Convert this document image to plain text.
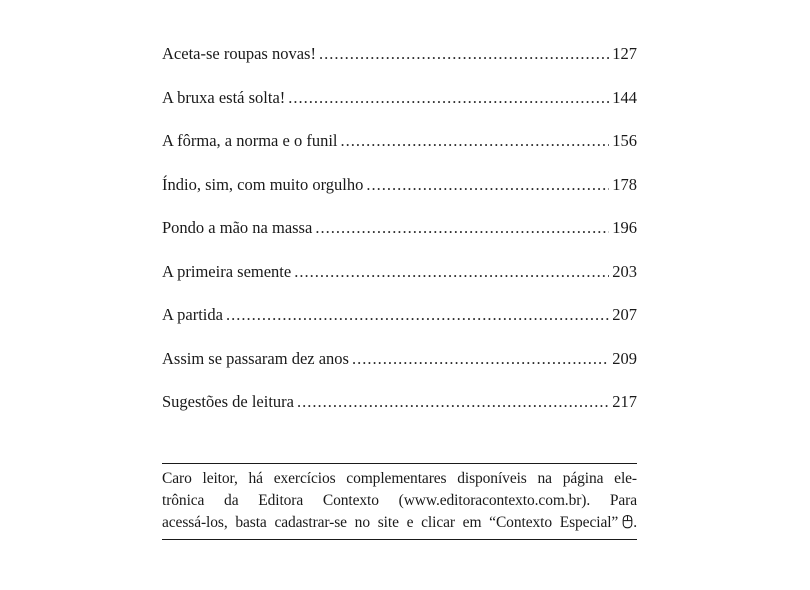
Aceta-se roupas novas! .....	127
A bruxa está solta! .....	144
A fôrma, a norma e o funil .....	156
Índio, sim, com muito orgulho .....	178
Pondo a mão na massa .....	196
A primeira semente .....	203
A partida .....	207
Assim se passaram dez anos .....	209
Sugestões de leitura .....	217
Caro leitor, há exercícios complementares disponíveis na página ele-
trônica da Editora Contexto (www.editoracontexto.com.br). Para
acessá-los, basta cadastrar-se no site e clicar em “Contexto Especial” .
